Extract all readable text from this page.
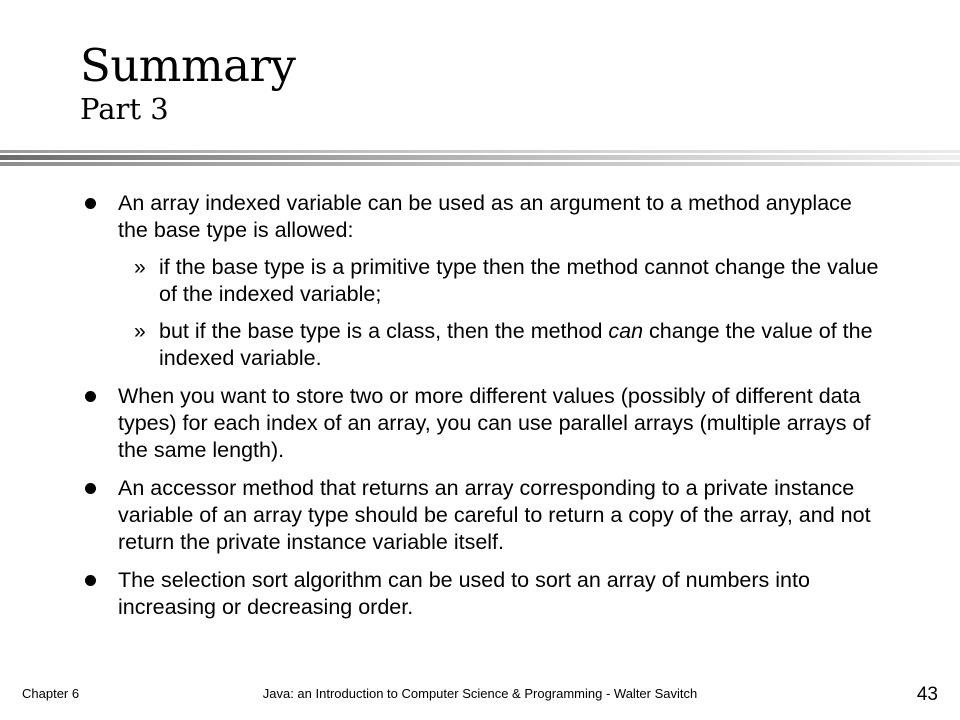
Summary
Part 3
An array indexed variable can be used as an argument to a method anyplace the base type is allowed:
» if the base type is a primitive type then the method cannot change the value of the indexed variable;
» but if the base type is a class, then the method can change the value of the indexed variable.
When you want to store two or more different values (possibly of different data types) for each index of an array, you can use parallel arrays (multiple arrays of the same length).
An accessor method that returns an array corresponding to a private instance variable of an array type should be careful to return a copy of the array, and not return the private instance variable itself.
The selection sort algorithm can be used to sort an array of numbers into increasing or decreasing order.
Java: an Introduction to Computer Science & Programming - Walter Savitch
Chapter 6	43
